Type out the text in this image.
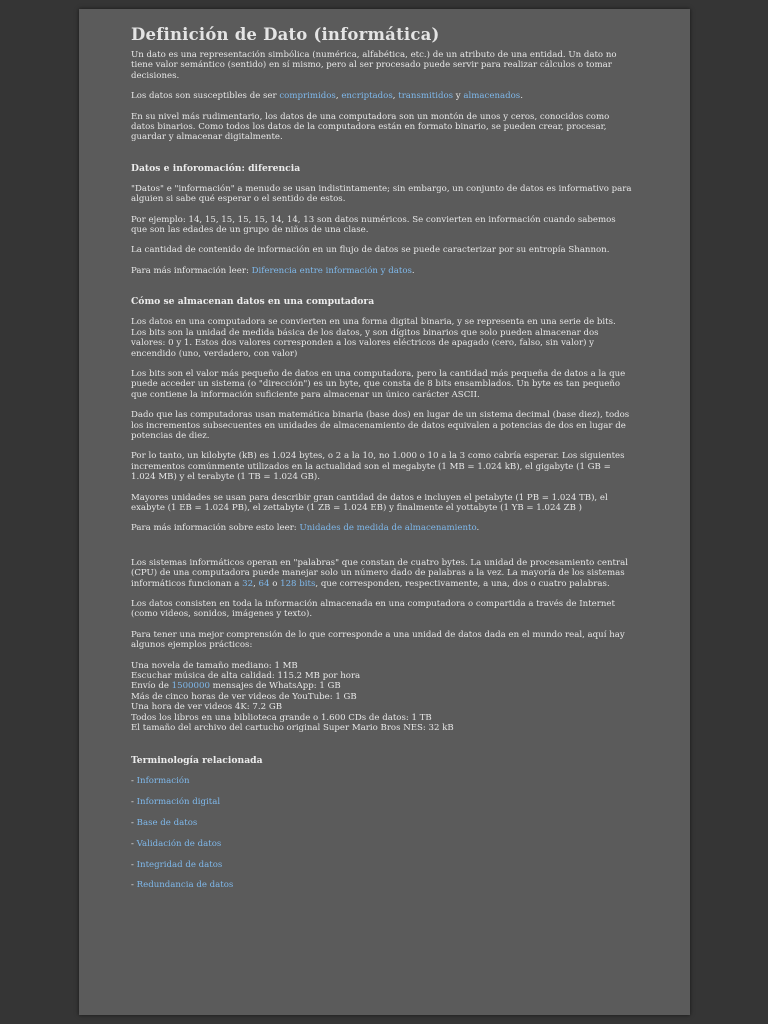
Definición de Dato (informática)

Un dato es una representación simbólica (numérica, alfabética, etc.) de un atributo de una entidad. Un dato no tiene valor semántico (sentido) en sí mismo, pero al ser procesado puede servir para realizar cálculos o tomar decisiones.

Los datos son susceptibles de ser comprimidos, encriptados, transmitidos y almacenados.

En su nivel más rudimentario, los datos de una computadora son un montón de unos y ceros, conocidos como datos binarios. Como todos los datos de la computadora están en formato binario, se pueden crear, procesar, guardar y almacenar digitalmente.

Datos e inforomación: diferencia

"Datos" e "información" a menudo se usan indistintamente; sin embargo, un conjunto de datos es informativo para alguien si sabe qué esperar o el sentido de estos.

Por ejemplo: 14, 15, 15, 15, 15, 14, 14, 13 son datos numéricos. Se convierten en información cuando sabemos que son las edades de un grupo de niños de una clase.

La cantidad de contenido de información en un flujo de datos se puede caracterizar por su entropía Shannon.

Para más información leer: Diferencia entre información y datos.

Cómo se almacenan datos en una computadora

Los datos en una computadora se convierten en una forma digital binaria, y se representa en una serie de bits. Los bits son la unidad de medida básica de los datos, y son dígitos binarios que solo pueden almacenar dos valores: 0 y 1. Estos dos valores corresponden a los valores eléctricos de apagado (cero, falso, sin valor) y encendido (uno, verdadero, con valor)

Los bits son el valor más pequeño de datos en una computadora, pero la cantidad más pequeña de datos a la que puede acceder un sistema (o "dirección") es un byte, que consta de 8 bits ensamblados. Un byte es tan pequeño que contiene la información suficiente para almacenar un único carácter ASCII.

Dado que las computadoras usan matemática binaria (base dos) en lugar de un sistema decimal (base diez), todos los incrementos subsecuentes en unidades de almacenamiento de datos equivalen a potencias de dos en lugar de potencias de diez.

Por lo tanto, un kilobyte (kB) es 1.024 bytes, o 2 a la 10, no 1.000 o 10 a la 3 como cabría esperar. Los siguientes incrementos comúnmente utilizados en la actualidad son el megabyte (1 MB = 1.024 kB), el gigabyte (1 GB = 1.024 MB) y el terabyte (1 TB = 1.024 GB).

Mayores unidades se usan para describir gran cantidad de datos e incluyen el petabyte (1 PB = 1.024 TB), el exabyte (1 EB = 1.024 PB), el zettabyte (1 ZB = 1.024 EB) y finalmente el yottabyte (1 YB = 1.024 ZB )

Para más información sobre esto leer: Unidades de medida de almacenamiento.

Los sistemas informáticos operan en "palabras" que constan de cuatro bytes. La unidad de procesamiento central (CPU) de una computadora puede manejar solo un número dado de palabras a la vez. La mayoría de los sistemas informáticos funcionan a 32, 64 o 128 bits, que corresponden, respectivamente, a una, dos o cuatro palabras.

Los datos consisten en toda la información almacenada en una computadora o compartida a través de Internet (como videos, sonidos, imágenes y texto).

Para tener una mejor comprensión de lo que corresponde a una unidad de datos dada en el mundo real, aquí hay algunos ejemplos prácticos:

Una novela de tamaño mediano: 1 MB
Escuchar música de alta calidad: 115.2 MB por hora
Envío de 1500000 mensajes de WhatsApp: 1 GB
Más de cinco horas de ver videos de YouTube: 1 GB
Una hora de ver videos 4K: 7.2 GB
Todos los libros en una biblioteca grande o 1.600 CDs de datos: 1 TB
El tamaño del archivo del cartucho original Super Mario Bros NES: 32 kB
Terminología relacionada
- Información
- Información digital
- Base de datos
- Validación de datos
- Integridad de datos
- Redundancia de datos
